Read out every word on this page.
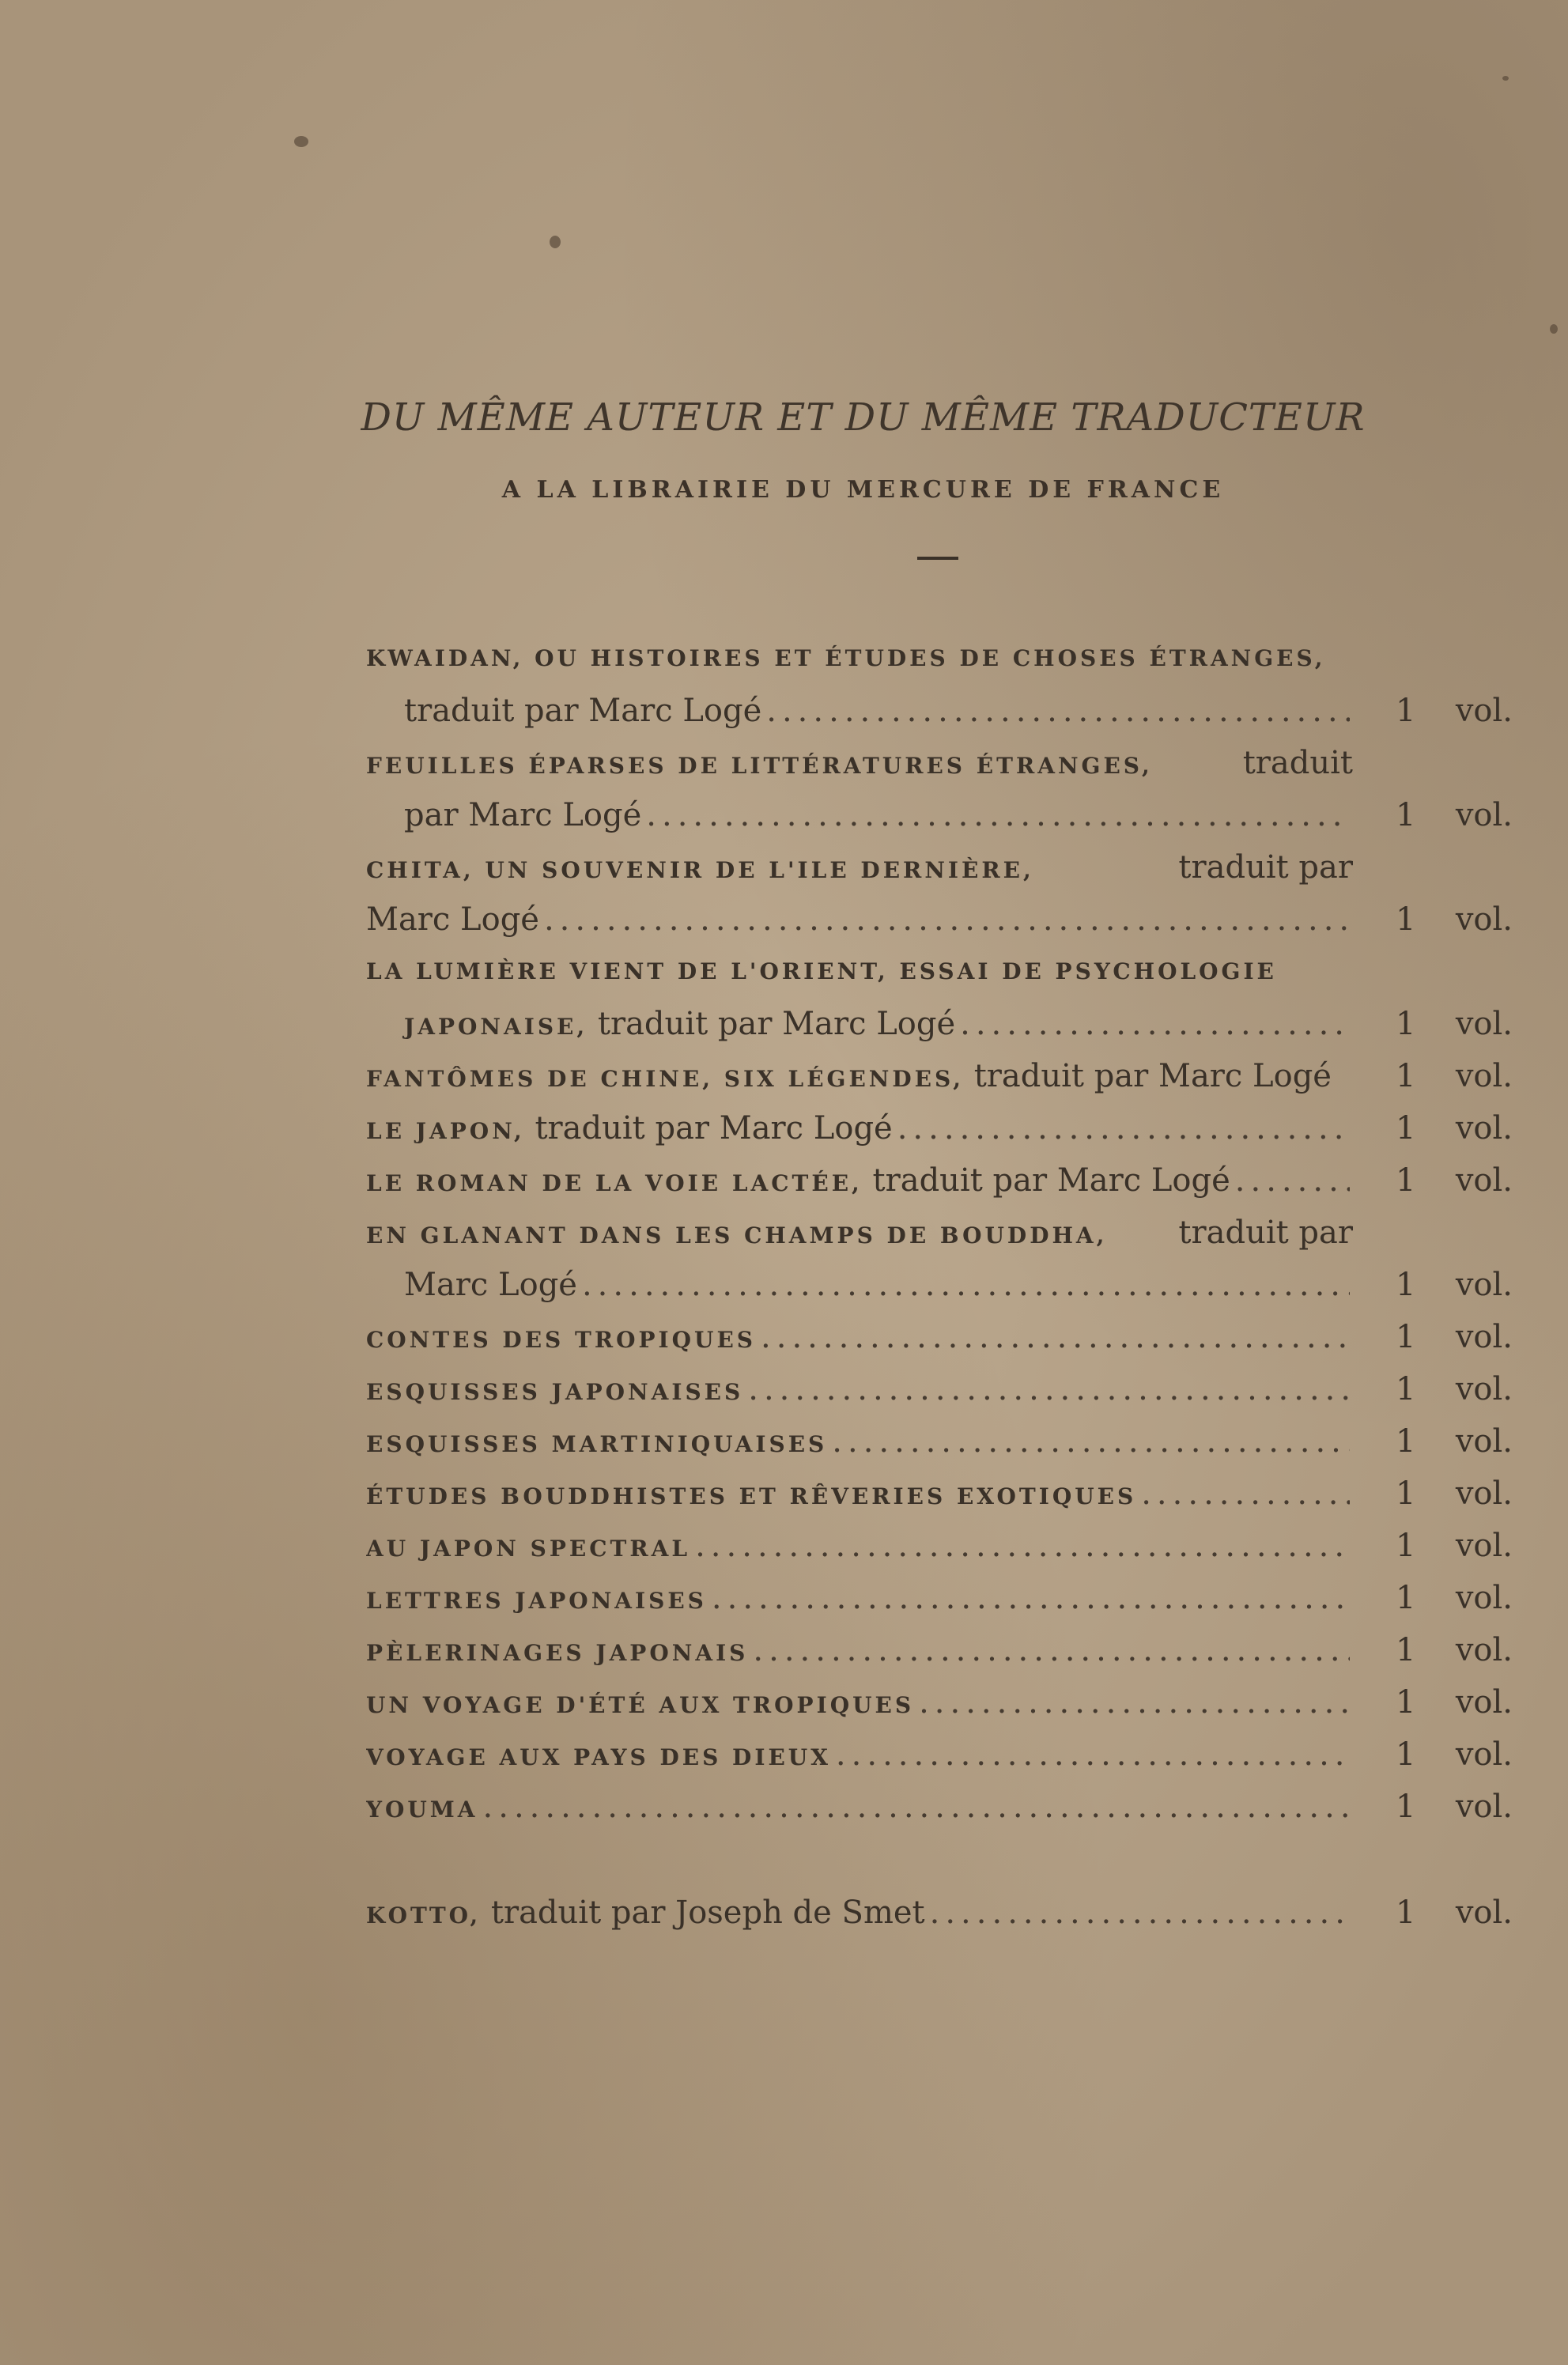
DU MÊME AUTEUR ET DU MÊME TRADUCTEUR
A LA LIBRAIRIE DU MERCURE DE FRANCE
KWAIDAN, OU HISTOIRES ET ÉTUDES DE CHOSES ÉTRANGES,
traduit par Marc Logé .....	1	vol.
FEUILLES ÉPARSES DE LITTÉRATURES ÉTRANGES,	traduit
par Marc Logé .....	1	vol.
CHITA, UN SOUVENIR DE L'ILE DERNIÈRE,	traduit par
Marc Logé .....	1	vol.
LA LUMIÈRE VIENT DE L'ORIENT, ESSAI DE PSYCHOLOGIE
JAPONAISE,
traduit par Marc Logé .....	1	vol.
FANTÔMES DE CHINE, SIX LÉGENDES,
traduit par Marc Logé 1	vol.
LE JAPON,
traduit par Marc Logé .....	1	vol.
LE ROMAN DE LA VOIE LACTÉE,
traduit par Marc Logé .....	1	vol.
EN GLANANT DANS LES CHAMPS DE BOUDDHA, traduit par
Marc Logé .....	1	vol.
CONTES DES TROPIQUES .....	1	vol.
ESQUISSES JAPONAISES .....	1	vol.
ESQUISSES MARTINIQUAISES .....	1	vol.
ÉTUDES BOUDDHISTES ET RÊVERIES EXOTIQUES .....	1	vol.
AU JAPON SPECTRAL .....	1	vol.
LETTRES JAPONAISES .....	1	vol.
PÈLERINAGES JAPONAIS .....	1	vol.
UN VOYAGE D'ÉTÉ AUX TROPIQUES .....	1	vol.
VOYAGE AUX PAYS DES DIEUX .....	1	vol.
YOUMA .....	1	vol.
KOTTO,
traduit par Joseph de Smet .....	1	vol.
